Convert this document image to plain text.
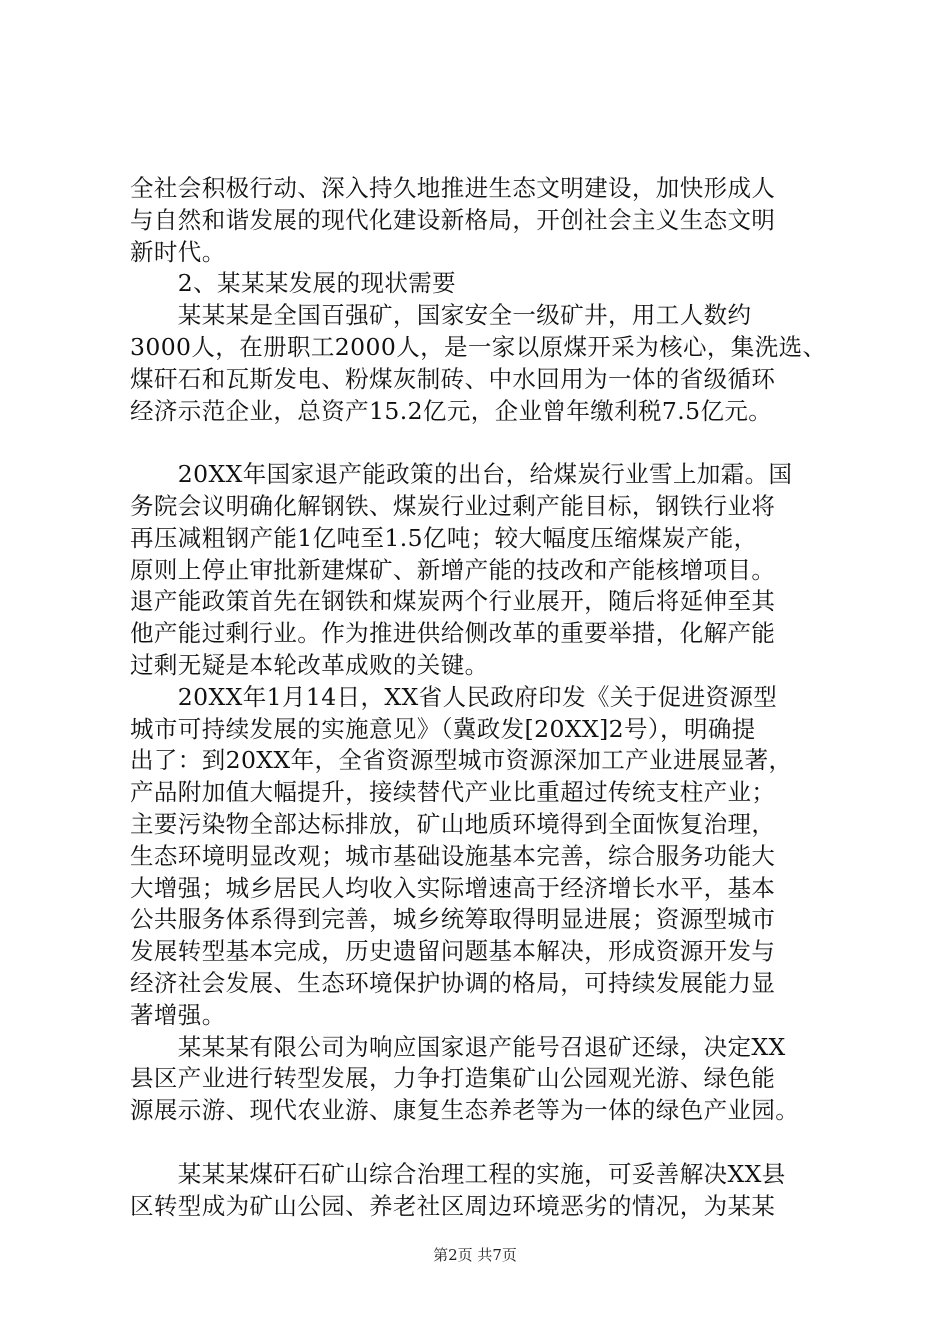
全社会积极行动、深入持久地推进生态文明建设，加快形成人
与自然和谐发展的现代化建设新格局，开创社会主义生态文明
新时代。
　　2、某某某发展的现状需要
　　某某某是全国百强矿，国家安全一级矿井，用工人数约
3000人，在册职工2000人，是一家以原煤开采为核心，集洗选、
煤矸石和瓦斯发电、粉煤灰制砖、中水回用为一体的省级循环
经济示范企业，总资产15.2亿元，企业曾年缴利税7.5亿元。
　　20XX年国家退产能政策的出台，给煤炭行业雪上加霜。国
务院会议明确化解钢铁、煤炭行业过剩产能目标，钢铁行业将
再压减粗钢产能1亿吨至1.5亿吨；较大幅度压缩煤炭产能，
原则上停止审批新建煤矿、新增产能的技改和产能核增项目。
退产能政策首先在钢铁和煤炭两个行业展开，随后将延伸至其
他产能过剩行业。作为推进供给侧改革的重要举措，化解产能
过剩无疑是本轮改革成败的关键。
　　20XX年1月14日，XX省人民政府印发《关于促进资源型
城市可持续发展的实施意见》（冀政发[20XX]2号），明确提
出了：到20XX年，全省资源型城市资源深加工产业进展显著，
产品附加值大幅提升，接续替代产业比重超过传统支柱产业；
主要污染物全部达标排放，矿山地质环境得到全面恢复治理，
生态环境明显改观；城市基础设施基本完善，综合服务功能大
大增强；城乡居民人均收入实际增速高于经济增长水平，基本
公共服务体系得到完善，城乡统筹取得明显进展；资源型城市
发展转型基本完成，历史遗留问题基本解决，形成资源开发与
经济社会发展、生态环境保护协调的格局，可持续发展能力显
著增强。
　　某某某有限公司为响应国家退产能号召退矿还绿，决定XX
县区产业进行转型发展，力争打造集矿山公园观光游、绿色能
源展示游、现代农业游、康复生态养老等为一体的绿色产业园。
　　某某某煤矸石矿山综合治理工程的实施，可妥善解决XX县
区转型成为矿山公园、养老社区周边环境恶劣的情况，为某某
第2页 共7页
